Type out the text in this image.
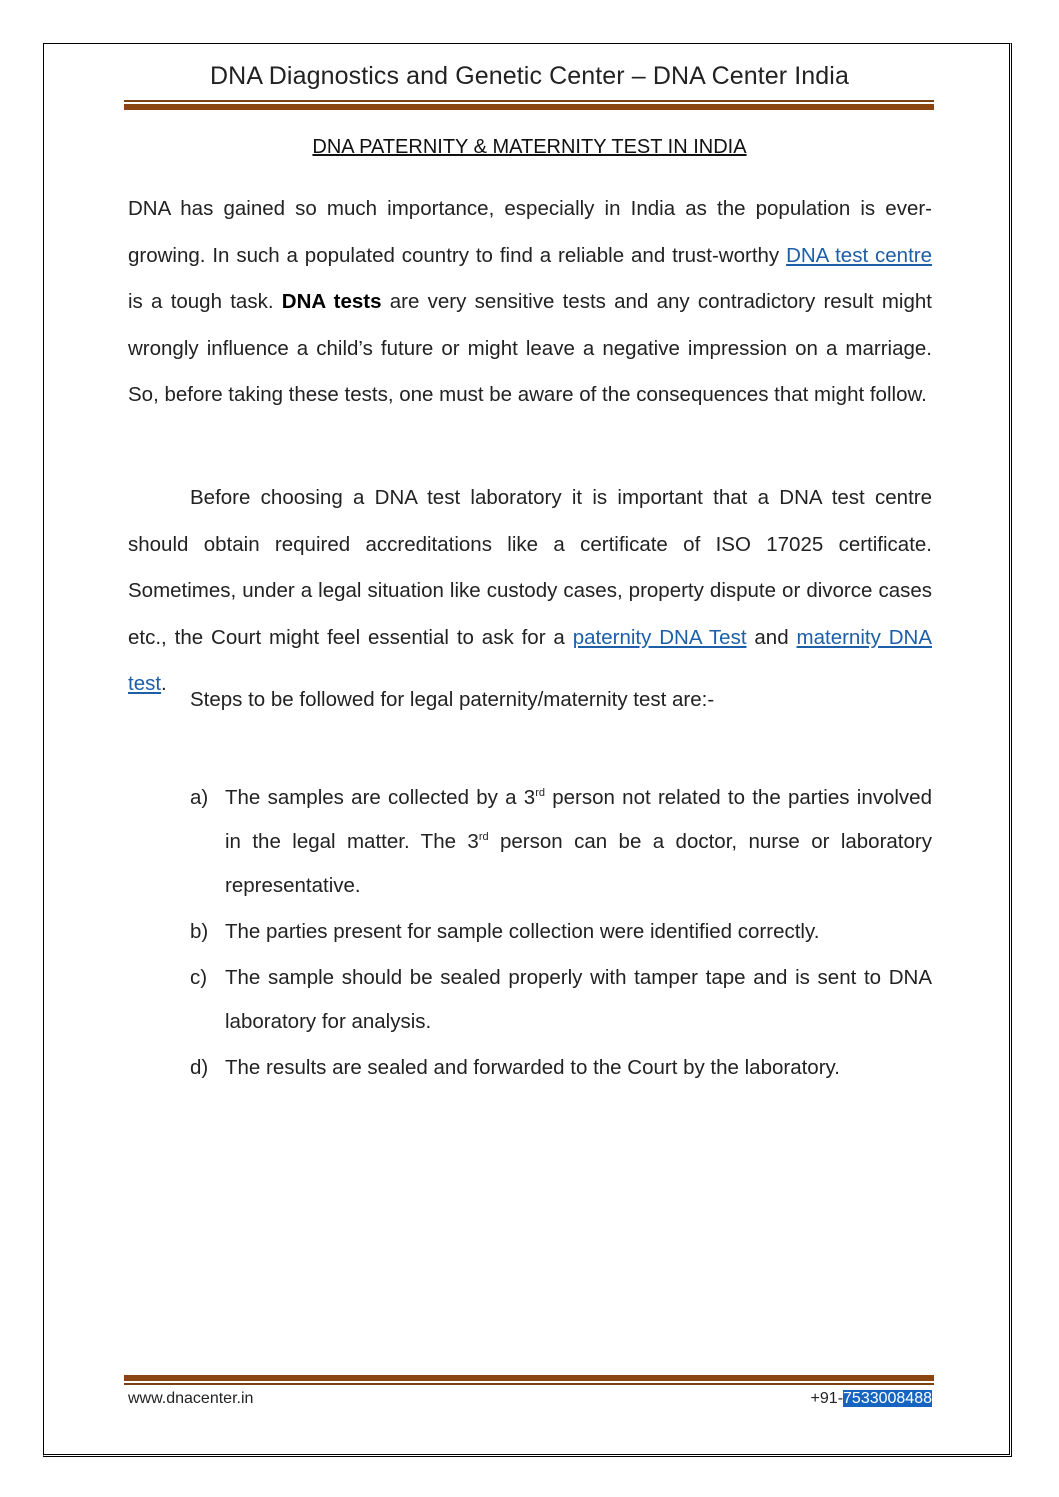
DNA Diagnostics and Genetic Center – DNA Center India
DNA PATERNITY & MATERNITY TEST IN INDIA
DNA has gained so much importance, especially in India as the population is ever-growing. In such a populated country to find a reliable and trust-worthy DNA test centre is a tough task. DNA tests are very sensitive tests and any contradictory result might wrongly influence a child’s future or might leave a negative impression on a marriage. So, before taking these tests, one must be aware of the consequences that might follow.
Before choosing a DNA test laboratory it is important that a DNA test centre should obtain required accreditations like a certificate of ISO 17025 certificate. Sometimes, under a legal situation like custody cases, property dispute or divorce cases etc., the Court might feel essential to ask for a paternity DNA Test and maternity DNA test.
Steps to be followed for legal paternity/maternity test are:-
a) The samples are collected by a 3rd person not related to the parties involved in the legal matter. The 3rd person can be a doctor, nurse or laboratory representative.
b) The parties present for sample collection were identified correctly.
c) The sample should be sealed properly with tamper tape and is sent to DNA laboratory for analysis.
d) The results are sealed and forwarded to the Court by the laboratory.
www.dnacenter.in	+91-7533008488
